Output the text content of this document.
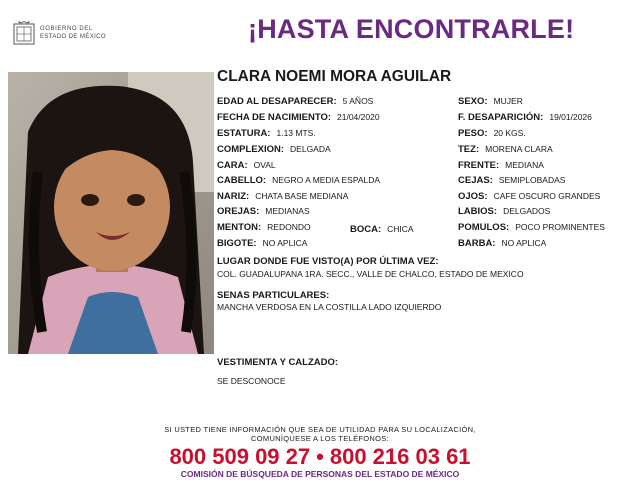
GOBIERNO DEL
ESTADO DE MÉXICO	¡HASTA ENCONTRARLE!
CLARA NOEMI MORA AGUILAR
EDAD AL DESAPARECER: 5 AÑOS
FECHA DE NACIMIENTO: 21/04/2020
ESTATURA: 1.13 MTS.
COMPLEXION: DELGADA
CARA: OVAL
CABELLO: NEGRO A MEDIA ESPALDA
NARIZ: CHATA BASE MEDIANA
OREJAS: MEDIANAS
MENTON: REDONDO	BOCA: CHICA
BIGOTE: NO APLICA
SEXO: MUJER
F. DESAPARICIÓN: 19/01/2026
PESO: 20 KGS.
TEZ: MORENA CLARA
FRENTE: MEDIANA
CEJAS: SEMIPLOBADAS
OJOS: CAFE OSCURO GRANDES
LABIOS: DELGADOS
POMULOS: POCO PROMINENTES
BARBA: NO APLICA
LUGAR DONDE FUE VISTO(A) POR ÚLTIMA VEZ:
COL. GUADALUPANA 1RA. SECC., VALLE DE CHALCO, ESTADO DE MEXICO
SENAS PARTICULARES:
MANCHA VERDOSA EN LA COSTILLA LADO IZQUIERDO
VESTIMENTA Y CALZADO:
SE DESCONOCE
SI USTED TIENE INFORMACIÓN QUE SEA DE UTILIDAD PARA SU LOCALIZACIÓN,
COMUNÍQUESE A LOS TELÉFONOS:
800 509 09 27 • 800 216 03 61
COMISIÓN DE BÚSQUEDA DE PERSONAS DEL ESTADO DE MÉXICO
